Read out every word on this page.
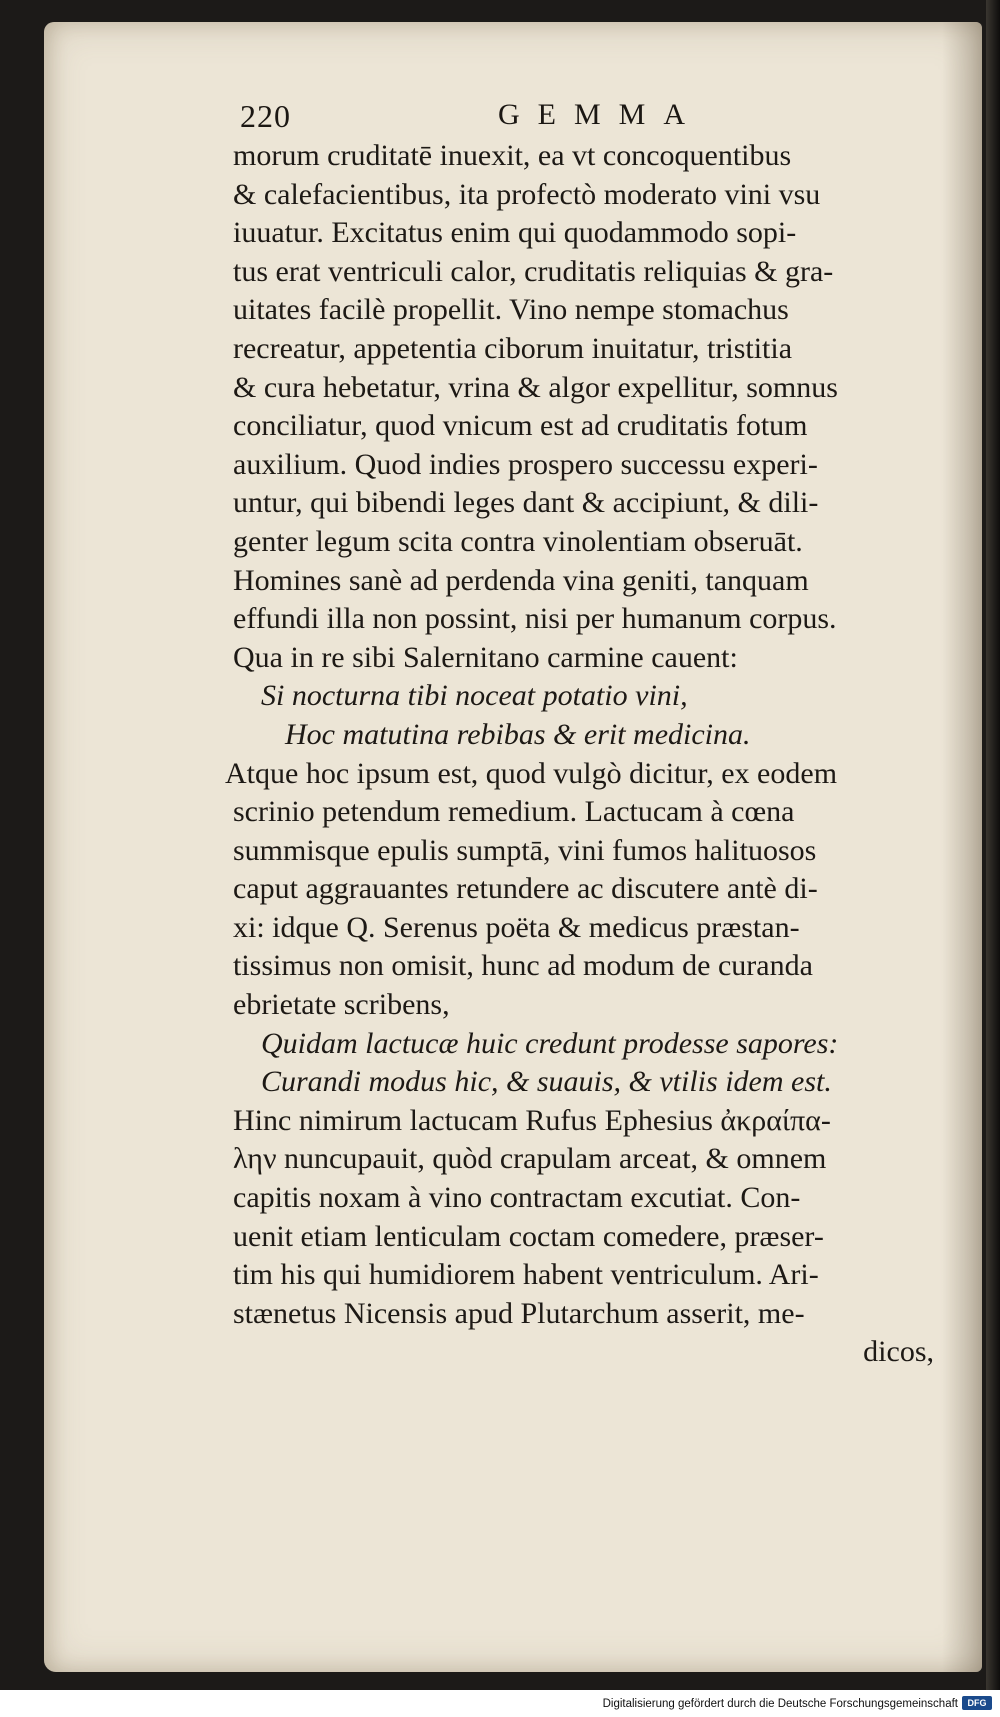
220	GEMMA
morum cruditatē inuexit, ea vt concoquentibus
& calefacientibus, ita profectò moderato vini vsu
iuuatur. Excitatus enim qui quodammodo sopi-
tus erat ventriculi calor, cruditatis reliquias & gra-
uitates facilè propellit. Vino nempe stomachus
recreatur, appetentia ciborum inuitatur, tristitia
& cura hebetatur, vrina & algor expellitur, somnus
conciliatur, quod vnicum est ad cruditatis fotum
auxilium. Quod indies prospero successu experi-
untur, qui bibendi leges dant & accipiunt, & dili-
genter legum scita contra vinolentiam obseruāt.
Homines sanè ad perdenda vina geniti, tanquam
effundi illa non possint, nisi per humanum corpus.
Qua in re sibi Salernitano carmine cauent:
Si nocturna tibi noceat potatio vini,
Hoc matutina rebibas & erit medicina.
Atque hoc ipsum est, quod vulgò dicitur, ex eodem
scrinio petendum remedium. Lactucam à cœna
summisque epulis sumptā, vini fumos halituosos
caput aggrauantes retundere ac discutere antè di-
xi: idque Q. Serenus poëta & medicus præstan-
tissimus non omisit, hunc ad modum de curanda
ebrietate scribens,
Quidam lactucæ huic credunt prodesse sapores:
Curandi modus hic, & suauis, & vtilis idem est.
Hinc nimirum lactucam Rufus Ephesius ἀκραίπα-
λην nuncupauit, quòd crapulam arceat, & omnem
capitis noxam à vino contractam excutiat. Con-
uenit etiam lenticulam coctam comedere, præser-
tim his qui humidiorem habent ventriculum. Ari-
stænetus Nicensis apud Plutarchum asserit, me-
dicos,
Digitalisierung gefördert durch die Deutsche Forschungsgemeinschaft	DFG
